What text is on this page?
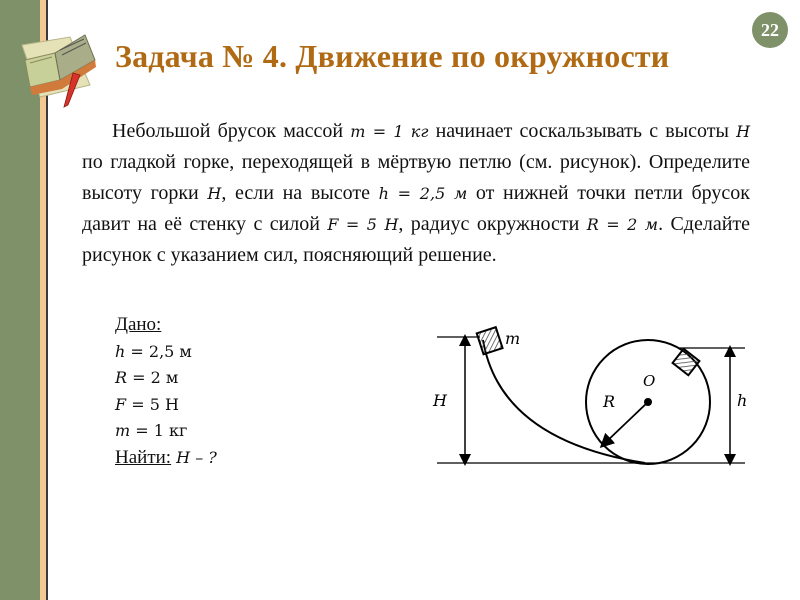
22
Задача № 4. Движение по окружности
Небольшой брусок массой m = 1 кг начинает соскальзывать с высоты H по гладкой горке, переходящей в мёртвую петлю (см. рисунок). Определите высоту горки H, если на высоте h = 2,5 м от нижней точки петли брусок давит на её стенку с силой F = 5 Н, радиус окружности R = 2 м. Сделайте рисунок с указанием сил, поясняющий решение.
Дано:
h = 2,5 м
R = 2 м
F = 5 Н
m = 1 кг
Найти: H – ?
H
m
O
R	h
